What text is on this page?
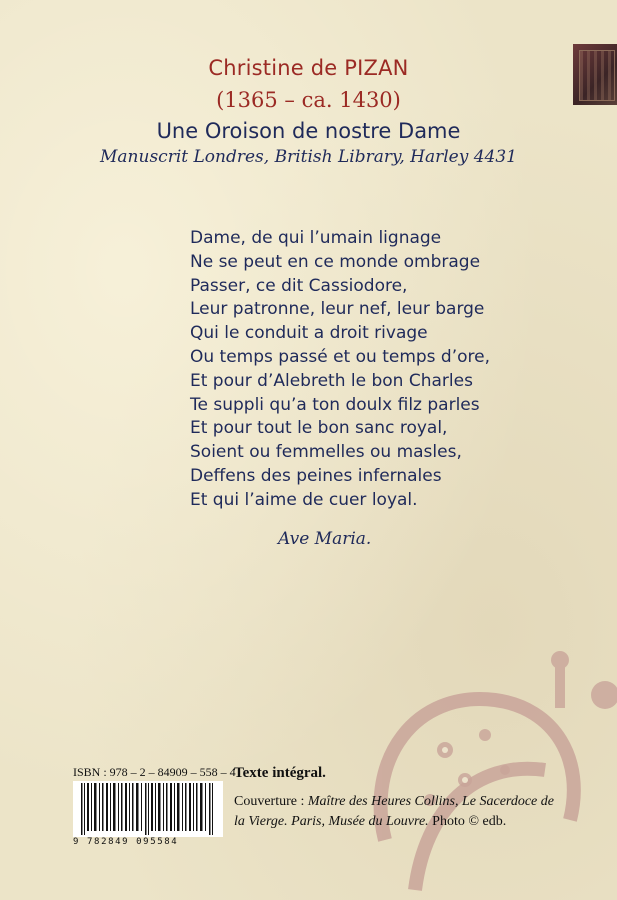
Christine de PIZAN
(1365 – ca. 1430)
Une Oroison de nostre Dame
Manuscrit Londres, British Library, Harley 4431
Dame, de qui l’umain lignage
Ne se peut en ce monde ombrage
Passer, ce dit Cassiodore,
Leur patronne, leur nef, leur barge
Qui le conduit a droit rivage
Ou temps passé et ou temps d’ore,
Et pour d’Alebreth le bon Charles
Te suppli qu’a ton doulx filz parles
Et pour tout le bon sanc royal,
Soient ou femmelles ou masles,
Deffens des peines infernales
Et qui l’aime de cuer loyal.
Ave Maria.
ISBN : 978 – 2 – 84909 – 558 – 4
9 782849 095584
Texte intégral.
Couverture : Maître des Heures Collins, Le Sacerdoce de la Vierge. Paris, Musée du Louvre. Photo © edb.
